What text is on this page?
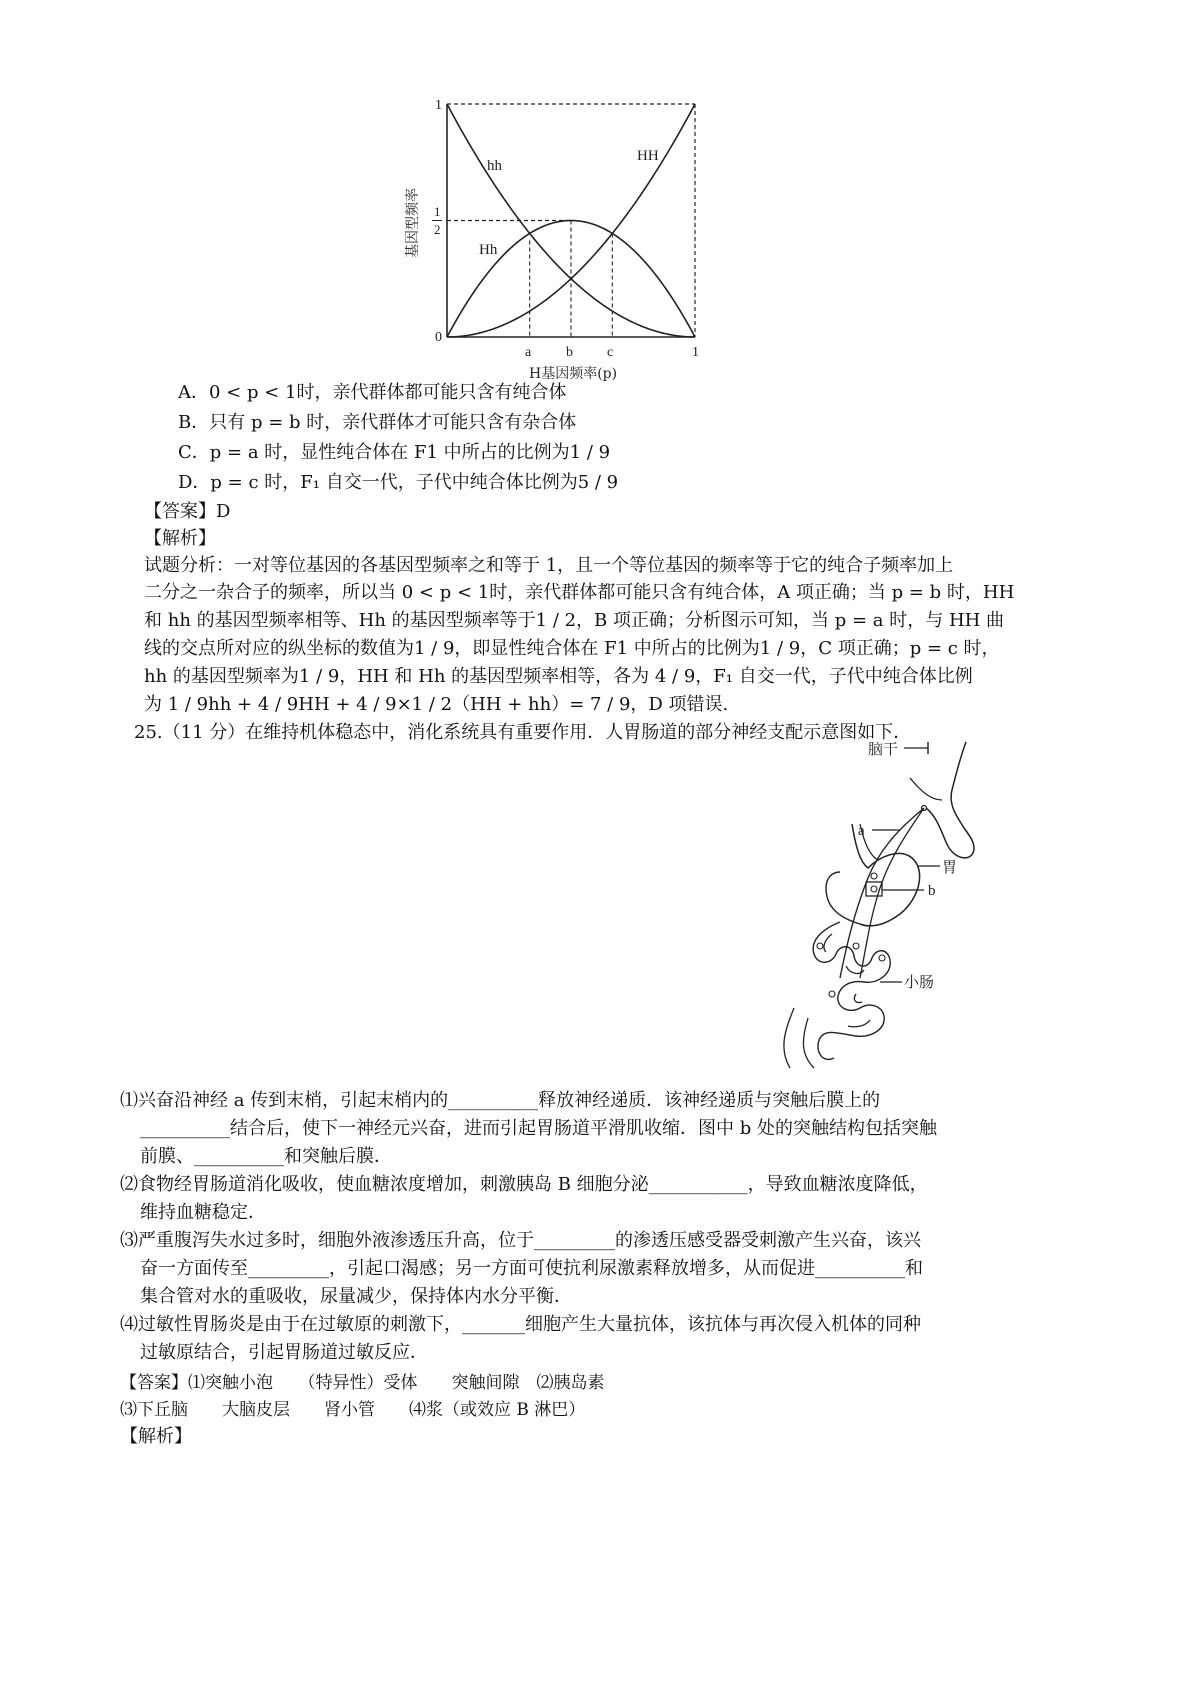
hh
HH
Hh
1
1
2
0
a b c	1
H基因频率(p)
基因型频率
A．0 < p < 1时，亲代群体都可能只含有纯合体
B．只有 p = b 时，亲代群体才可能只含有杂合体
C．p = a 时，显性纯合体在 F1 中所占的比例为1 / 9
D．p = c 时，F₁ 自交一代，子代中纯合体比例为5 / 9
【答案】D
【解析】
试题分析：一对等位基因的各基因型频率之和等于 1，且一个等位基因的频率等于它的纯合子频率加上
二分之一杂合子的频率，所以当 0 < p < 1时，亲代群体都可能只含有纯合体，A 项正确；当 p = b 时，HH
和 hh 的基因型频率相等、Hh 的基因型频率等于1 / 2，B 项正确；分析图示可知，当 p = a 时，与 HH 曲
线的交点所对应的纵坐标的数值为1 / 9，即显性纯合体在 F1 中所占的比例为1 / 9，C 项正确；p = c 时，
hh 的基因型频率为1 / 9，HH 和 Hh 的基因型频率相等，各为 4 / 9，F₁ 自交一代，子代中纯合体比例
为 1 / 9hh + 4 / 9HH + 4 / 9×1 / 2（HH + hh）= 7 / 9，D 项错误.
25.（11 分）在维持机体稳态中，消化系统具有重要作用．人胃肠道的部分神经支配示意图如下．
脑干
a
胃
b
小肠
⑴兴奋沿神经 a 传到末梢，引起末梢内的__________释放神经递质．该神经递质与突触后膜上的
__________结合后，使下一神经元兴奋，进而引起胃肠道平滑肌收缩．图中 b 处的突触结构包括突触
前膜、__________和突触后膜．
⑵食物经胃肠道消化吸收，使血糖浓度增加，刺激胰岛 B 细胞分泌___________，导致血糖浓度降低，
维持血糖稳定．
⑶严重腹泻失水过多时，细胞外液渗透压升高，位于_________的渗透压感受器受刺激产生兴奋，该兴
奋一方面传至_________，引起口渴感；另一方面可使抗利尿激素释放增多，从而促进__________和
集合管对水的重吸收，尿量减少，保持体内水分平衡．
⑷过敏性胃肠炎是由于在过敏原的刺激下，_______细胞产生大量抗体，该抗体与再次侵入机体的同种
过敏原结合，引起胃肠道过敏反应．
【答案】⑴突触小泡　　（特异性）受体　　突触间隙　⑵胰岛素
⑶下丘脑　　大脑皮层　　肾小管　　⑷浆（或效应 B 淋巴）
【解析】
